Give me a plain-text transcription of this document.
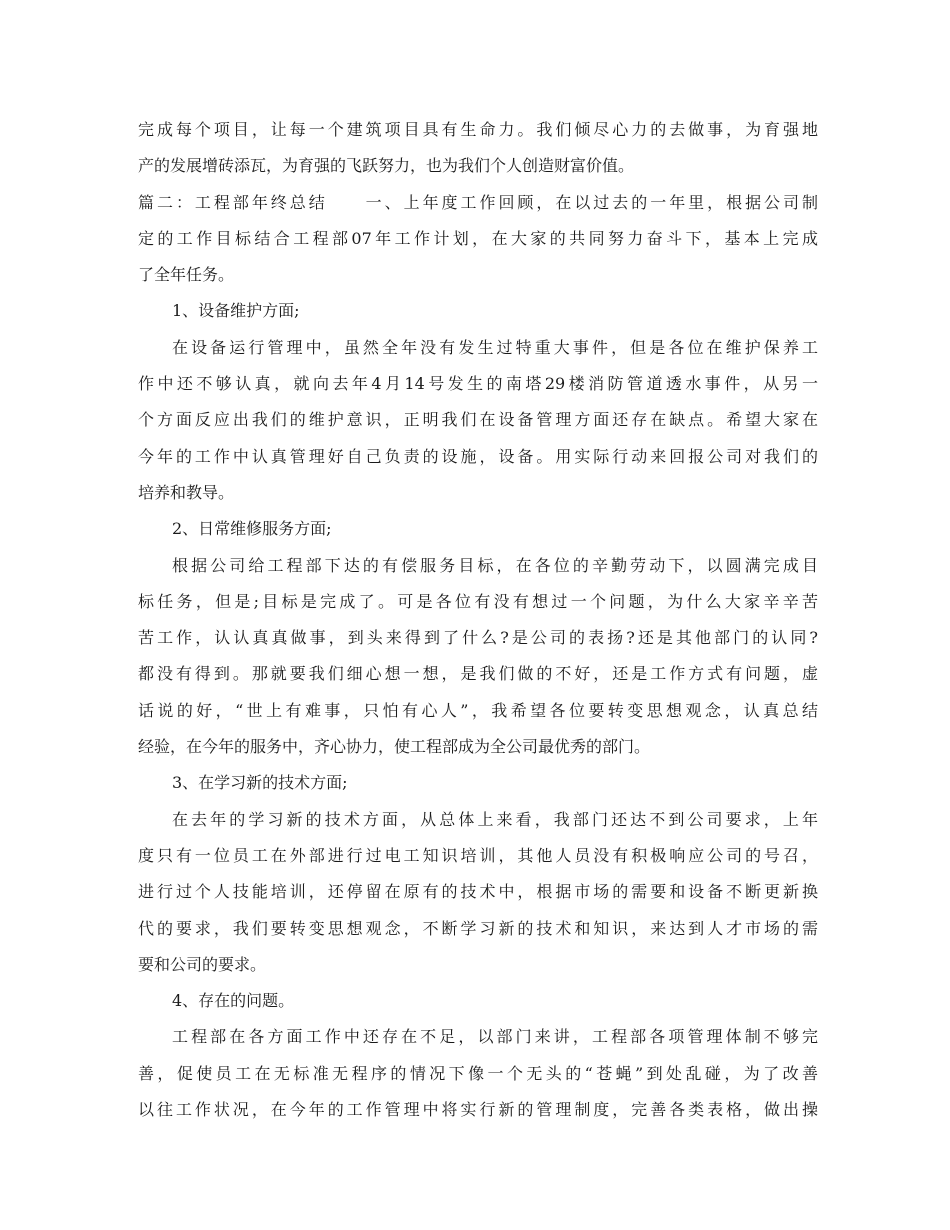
完成每个项目，让每一个建筑项目具有生命力。我们倾尽心力的去做事，为育强地
产的发展增砖添瓦，为育强的飞跃努力，也为我们个人创造财富价值。
篇二：工程部年终总结　　一、上年度工作回顾，在以过去的一年里，根据公司制
定的工作目标结合工程部07年工作计划，在大家的共同努力奋斗下，基本上完成
了全年任务。
1、设备维护方面;
在设备运行管理中，虽然全年没有发生过特重大事件，但是各位在维护保养工
作中还不够认真，就向去年4月14号发生的南塔29楼消防管道透水事件，从另一
个方面反应出我们的维护意识，正明我们在设备管理方面还存在缺点。希望大家在
今年的工作中认真管理好自己负责的设施，设备。用实际行动来回报公司对我们的
培养和教导。
2、日常维修服务方面;
根据公司给工程部下达的有偿服务目标，在各位的辛勤劳动下，以圆满完成目
标任务，但是;目标是完成了。可是各位有没有想过一个问题，为什么大家辛辛苦
苦工作，认认真真做事，到头来得到了什么?是公司的表扬?还是其他部门的认同?
都没有得到。那就要我们细心想一想，是我们做的不好，还是工作方式有问题，虚
话说的好，“世上有难事，只怕有心人”，我希望各位要转变思想观念，认真总结
经验，在今年的服务中，齐心协力，使工程部成为全公司最优秀的部门。
3、在学习新的技术方面;
在去年的学习新的技术方面，从总体上来看，我部门还达不到公司要求，上年
度只有一位员工在外部进行过电工知识培训，其他人员没有积极响应公司的号召，
进行过个人技能培训，还停留在原有的技术中，根据市场的需要和设备不断更新换
代的要求，我们要转变思想观念，不断学习新的技术和知识，来达到人才市场的需
要和公司的要求。
4、存在的问题。
工程部在各方面工作中还存在不足，以部门来讲，工程部各项管理体制不够完
善，促使员工在无标准无程序的情况下像一个无头的“苍蝇”到处乱碰，为了改善
以往工作状况，在今年的工作管理中将实行新的管理制度，完善各类表格，做出操
